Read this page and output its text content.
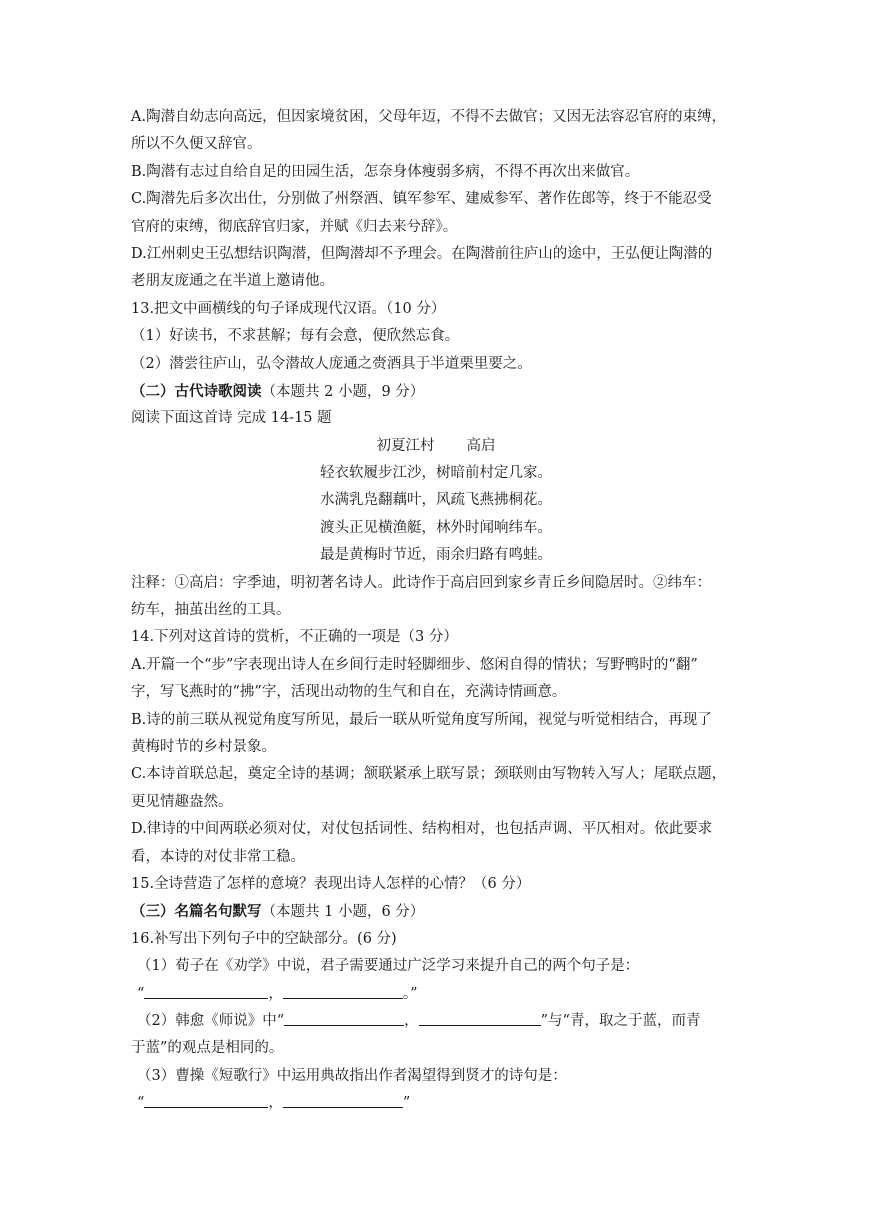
A.陶潜自幼志向高远，但因家境贫困，父母年迈，不得不去做官；又因无法容忍官府的束缚，
所以不久便又辞官。
B.陶潜有志过自给自足的田园生活，怎奈身体瘦弱多病，不得不再次出来做官。
C.陶潜先后多次出仕，分别做了州祭酒、镇军参军、建威参军、著作佐郎等，终于不能忍受
官府的束缚，彻底辞官归家，并赋《归去来兮辞》。
D.江州刺史王弘想结识陶潜，但陶潜却不予理会。在陶潜前往庐山的途中，王弘便让陶潜的
老朋友庞通之在半道上邀请他。
13.把文中画横线的句子译成现代汉语。（10 分）
（1）好读书，不求甚解；每有会意，便欣然忘食。
（2）潜尝往庐山，弘令潜故人庞通之赍酒具于半道栗里要之。
（二）古代诗歌阅读（本题共 2 小题，9 分）
阅读下面这首诗 完成 14-15 题
初夏江村 高启
轻衣软履步江沙，树暗前村定几家。
水满乳凫翻藕叶，风疏飞燕拂桐花。
渡头正见横渔艇，林外时闻响纬车。
最是黄梅时节近，雨余归路有鸣蛙。
注释：①高启：字季迪，明初著名诗人。此诗作于高启回到家乡青丘乡间隐居时。②纬车：
纺车，抽茧出丝的工具。
14.下列对这首诗的赏析，不正确的一项是（3 分）
A.开篇一个“步”字表现出诗人在乡间行走时轻脚细步、悠闲自得的情状；写野鸭时的“翻”
字，写飞燕时的“拂”字，活现出动物的生气和自在，充满诗情画意。
B.诗的前三联从视觉角度写所见，最后一联从听觉角度写所闻，视觉与听觉相结合，再现了
黄梅时节的乡村景象。
C.本诗首联总起，奠定全诗的基调；颔联紧承上联写景；颈联则由写物转入写人；尾联点题，
更见情趣盎然。
D.律诗的中间两联必须对仗，对仗包括词性、结构相对，也包括声调、平仄相对。依此要求
看，本诗的对仗非常工稳。
15.全诗营造了怎样的意境？表现出诗人怎样的心情？（6 分）
（三）名篇名句默写（本题共 1 小题，6 分）
16.补写出下列句子中的空缺部分。(6 分)
（1）荀子在《劝学》中说，君子需要通过广泛学习来提升自己的两个句子是：
“	，	。”
（2）韩愈《师说》中“	，	”与“青，取之于蓝，而青
于蓝”的观点是相同的。
（3）曹操《短歌行》中运用典故指出作者渴望得到贤才的诗句是：
“	，	”
